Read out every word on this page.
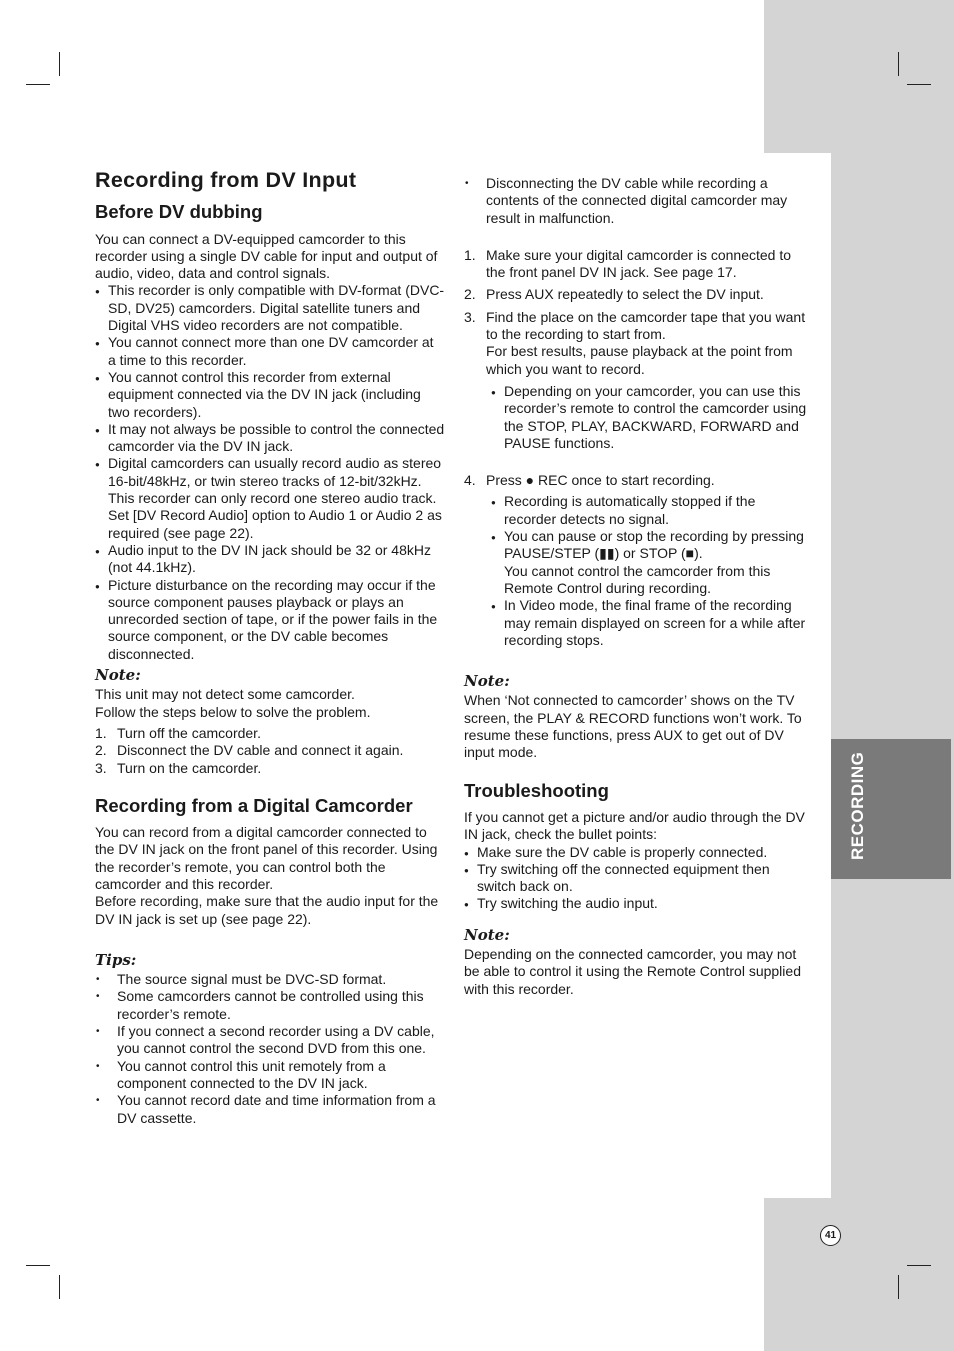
RECORDING
41
Recording from DV Input
Before DV dubbing

You can connect a DV-equipped camcorder to this recorder using a single DV cable for input and output of audio, video, data and control signals.

● This recorder is only compatible with DV-format (DVC-SD, DV25) camcorders. Digital satellite tuners and Digital VHS video recorders are not compatible.
● You cannot connect more than one DV camcorder at a time to this recorder.
● You cannot control this recorder from external equipment connected via the DV IN jack (including two recorders).
● It may not always be possible to control the connected camcorder via the DV IN jack.
● Digital camcorders can usually record audio as stereo 16-bit/48kHz, or twin stereo tracks of 12-bit/32kHz. This recorder can only record one stereo audio track. Set [DV Record Audio] option to Audio 1 or Audio 2 as required (see page 22).
● Audio input to the DV IN jack should be 32 or 48kHz (not 44.1kHz).
● Picture disturbance on the recording may occur if the source component pauses playback or plays an unrecorded section of tape, or if the power fails in the source component, or the DV cable becomes disconnected.
Note:

This unit may not detect some camcorder.

Follow the steps below to solve the problem.

1. Turn off the camcorder.
2. Disconnect the DV cable and connect it again.
3. Turn on the camcorder.
Recording from a Digital Camcorder

You can record from a digital camcorder connected to the DV IN jack on the front panel of this recorder. Using the recorder’s remote, you can control both the camcorder and this recorder.

Before recording, make sure that the audio input for the DV IN jack is set up (see page 22).

Tips:
• The source signal must be DVC-SD format.
• Some camcorders cannot be controlled using this recorder’s remote.
• If you connect a second recorder using a DV cable, you cannot control the second DVD from this one.
• You cannot control this unit remotely from a component connected to the DV IN jack.
• You cannot record date and time information from a DV cassette.
• Disconnecting the DV cable while recording a contents of the connected digital camcorder may result in malfunction.
1. Make sure your digital camcorder is connected to the front panel DV IN jack. See page 17.
2. Press AUX repeatedly to select the DV input.
3. Find the place on the camcorder tape that you want to the recording to start from.
For best results, pause playback at the point from which you want to record.
● Depending on your camcorder, you can use this recorder’s remote to control the camcorder using the STOP, PLAY, BACKWARD, FORWARD and PAUSE functions.
4. Press ● REC once to start recording.
● Recording is automatically stopped if the recorder detects no signal.
● You can pause or stop the recording by pressing PAUSE/STEP (▮▮) or STOP (■).
You cannot control the camcorder from this Remote Control during recording.
● In Video mode, the final frame of the recording may remain displayed on screen for a while after recording stops.
Note:

When ‘Not connected to camcorder’ shows on the TV screen, the PLAY & RECORD functions won’t work. To resume these functions, press AUX to get out of DV input mode.

Troubleshooting

If you cannot get a picture and/or audio through the DV IN jack, check the bullet points:

● Make sure the DV cable is properly connected.
● Try switching off the connected equipment then switch back on.
● Try switching the audio input.
Note:

Depending on the connected camcorder, you may not be able to control it using the Remote Control supplied with this recorder.
